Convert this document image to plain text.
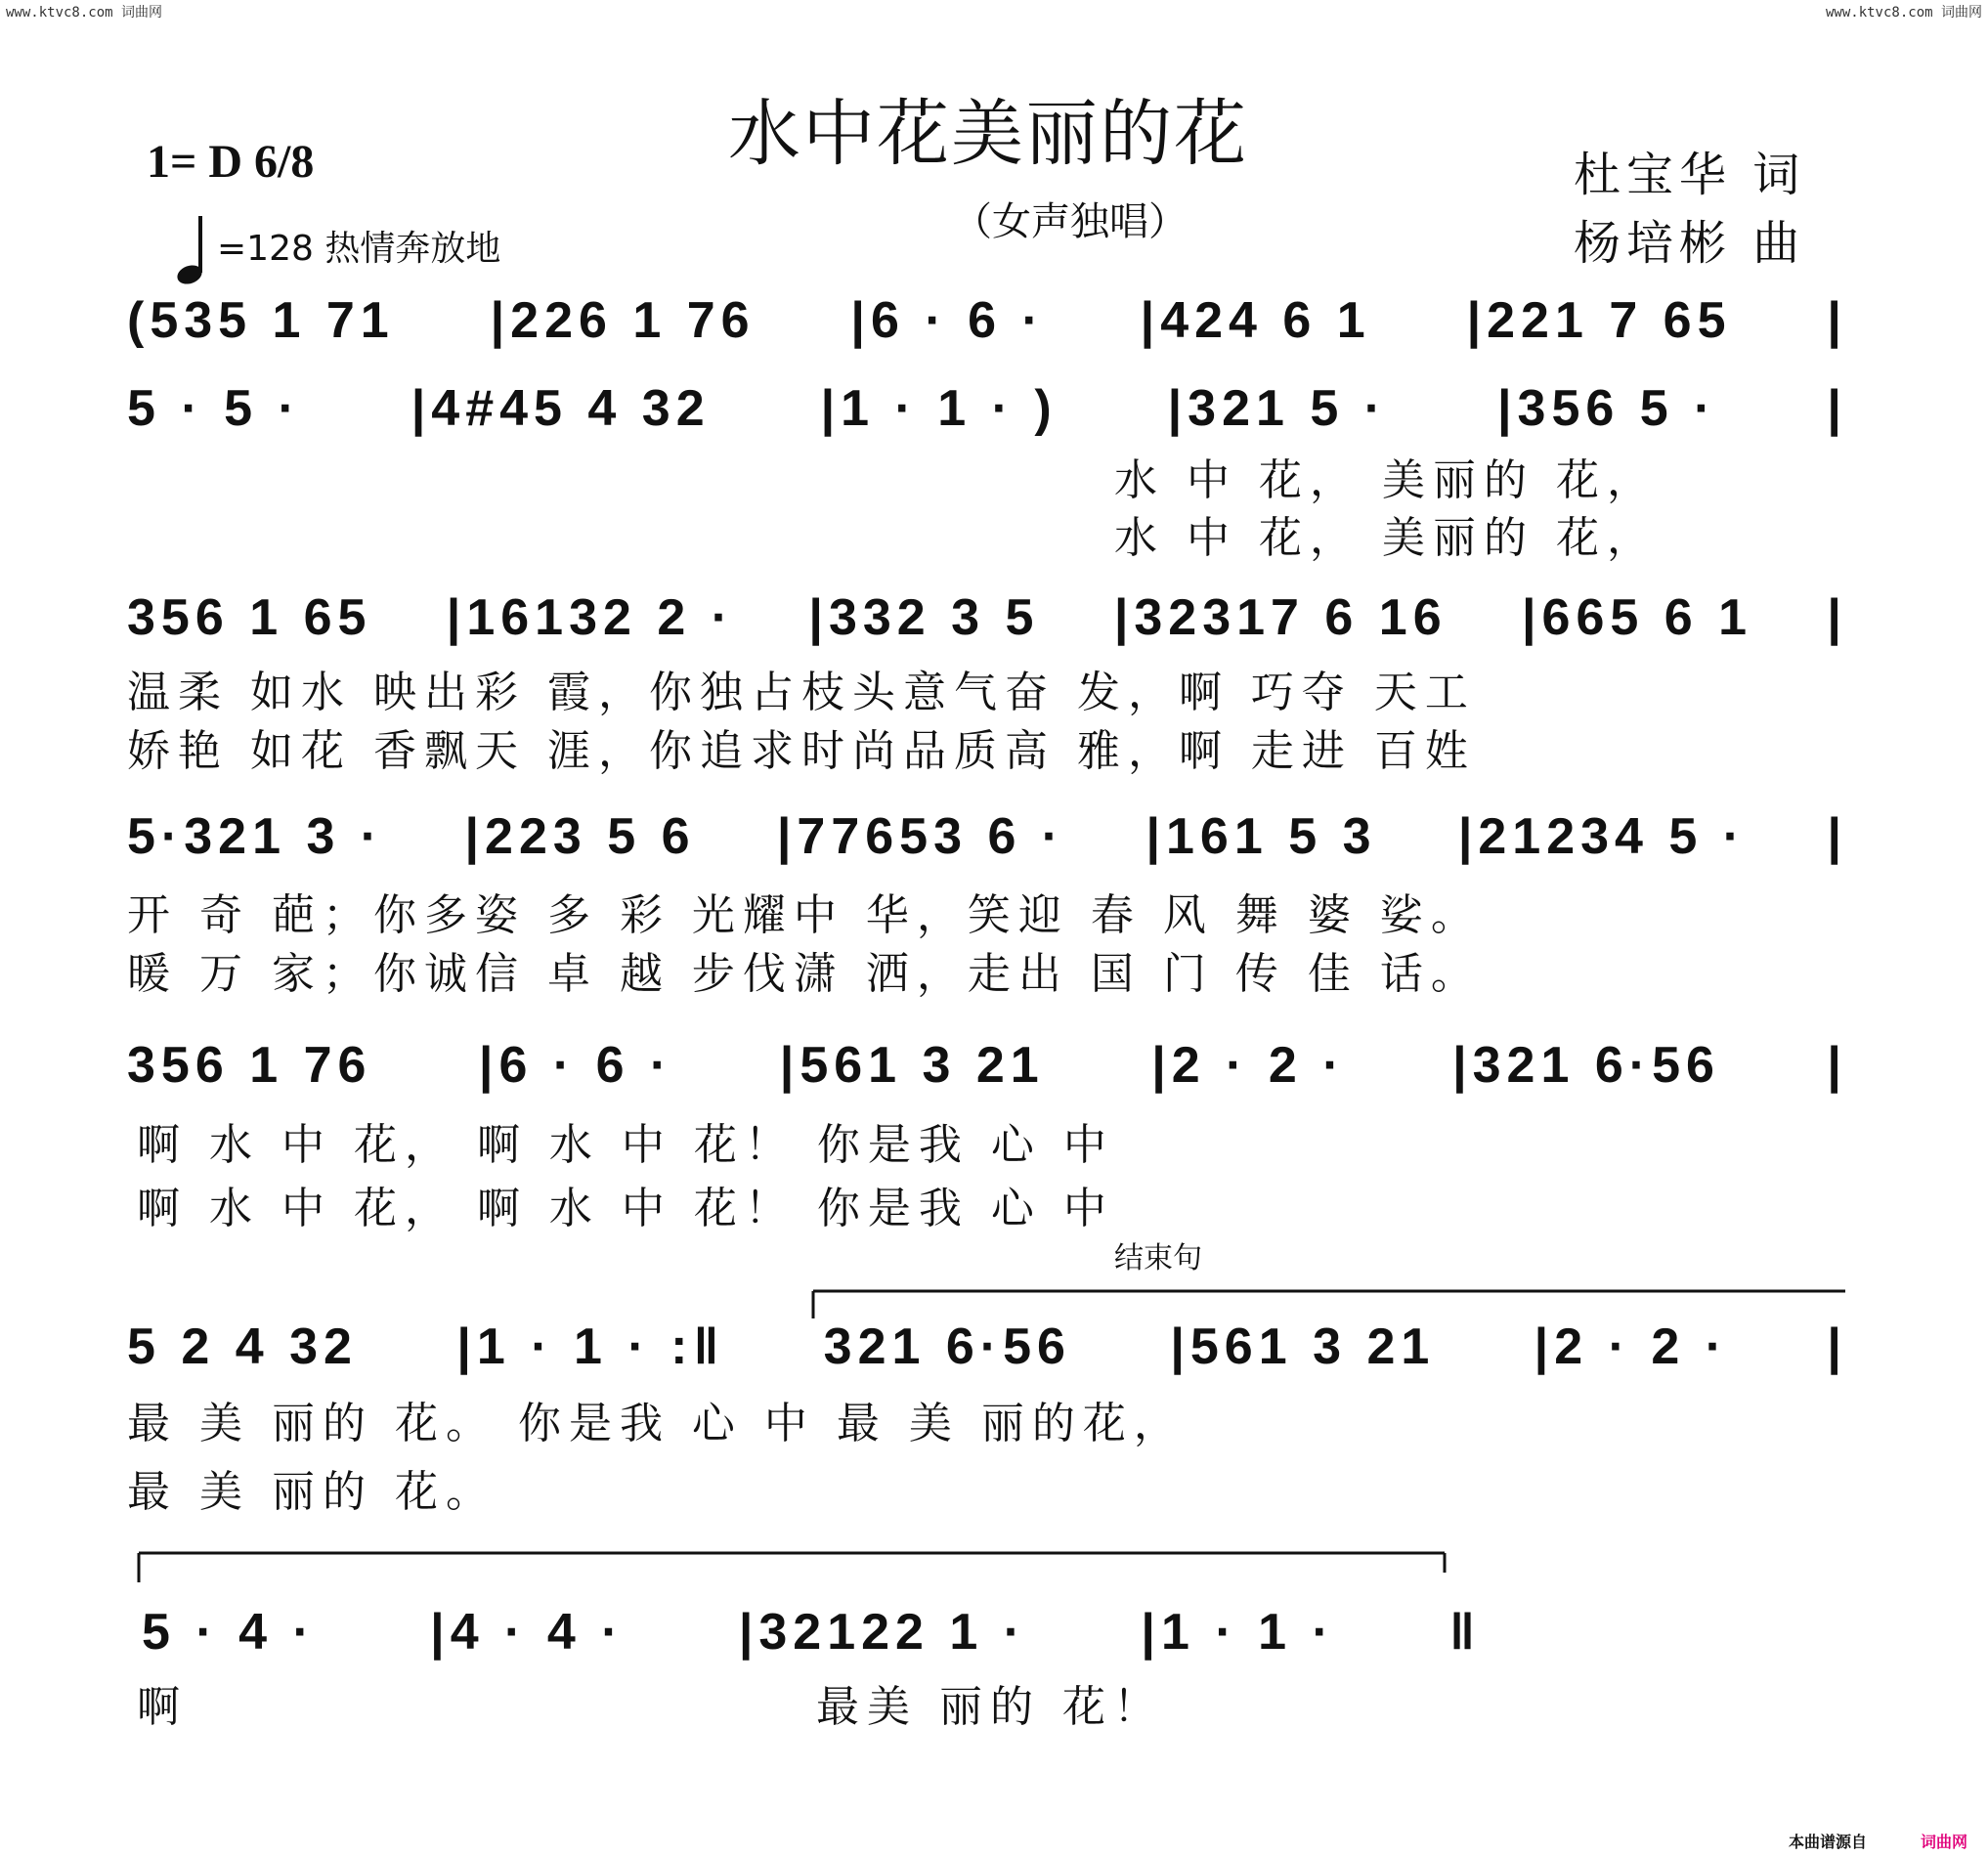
www.ktvc8.com 词曲网	www.ktvc8.com 词曲网
水中花美丽的花
（女声独唱）
1= D 6/8

=128 热情奔放地
杜宝华 词
杨培彬 曲
(535 1 71 |226 1 76 |6 · 6 · |424 6 1 |221 7 65 |
5 · 5 · |4#45 4 32 |1 · 1 · ) |321 5 · |356 5 · |
水 中 花， 美丽的 花，
水 中 花， 美丽的 花，
356 1 65 |16132 2 · |332 3 5 |32317 6 16 |665 6 1 |
温柔 如水 映出彩 霞，你独占枝头意气奋 发，啊 巧夺 天工
娇艳 如花 香飘天 涯，你追求时尚品质高 雅，啊 走进 百姓
5·321 3 · |223 5 6 |77653 6 · |161 5 3 |21234 5 · |
开 奇 葩；你多姿 多 彩 光耀中 华，笑迎 春 风 舞 婆 娑。
暖 万 家；你诚信 卓 越 步伐潇 洒，走出 国 门 传 佳 话。
356 1 76 |6 · 6 · |561 3 21 |2 · 2 · |321 6·56 |
啊 水 中 花， 啊 水 中 花！ 你是我 心 中
啊 水 中 花， 啊 水 中 花！ 你是我 心 中

结束句
5 2 4 32 |1 · 1 · :‖ 321 6·56 |561 3 21 |2 · 2 · |
最 美 丽的 花。 你是我 心 中 最 美 丽的花，
最 美 丽的 花。

5 · 4 · |4 · 4 · |32122 1 · |1 · 1 · ‖
啊	最美 丽的 花！
本曲谱源自	词曲网
